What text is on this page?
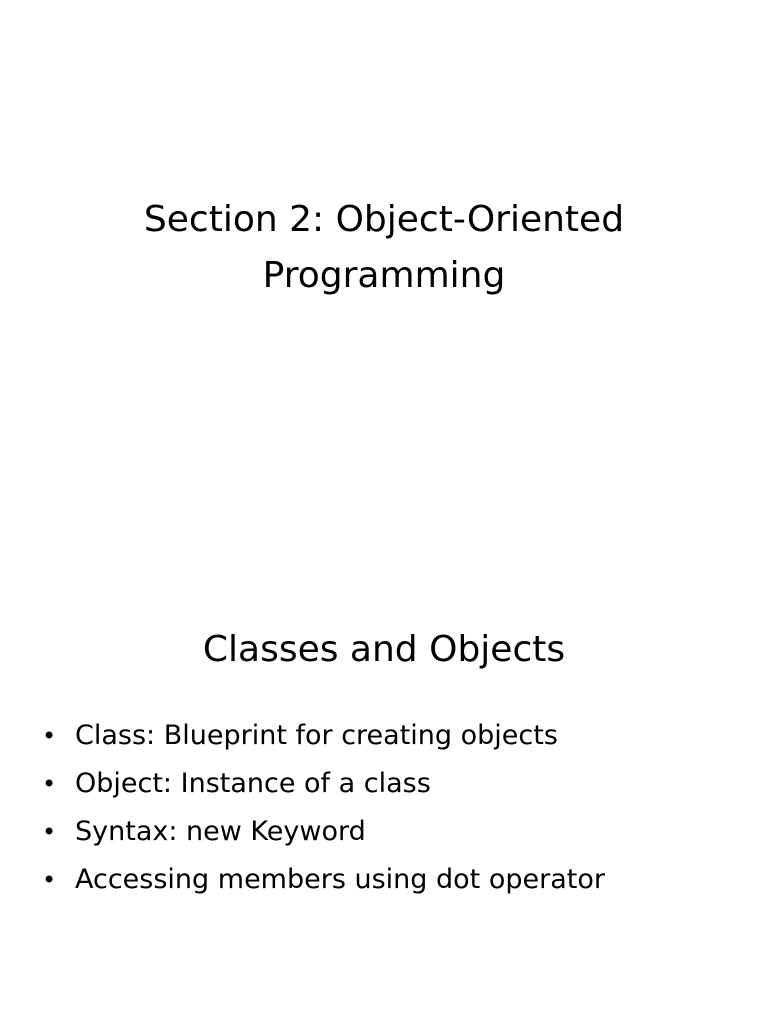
Section 2: Object-Oriented Programming
Classes and Objects
• Class: Blueprint for creating objects
• Object: Instance of a class
• Syntax: new Keyword
• Accessing members using dot operator
